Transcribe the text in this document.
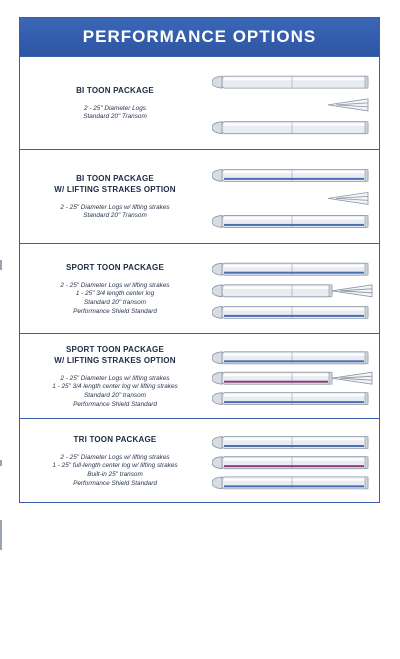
PERFORMANCE OPTIONS
BI TOON PACKAGE
2 - 25" Diameter Logs
Standard 20" Transom
BI TOON PACKAGE
W/ LIFTING STRAKES OPTION
2 - 25" Diameter Logs w/ lifting strakes
Standard 20" Transom
SPORT TOON PACKAGE
2 - 25" Diameter Logs w/ lifting strakes
1 - 25" 3/4 length center log
Standard 20" transom
Performance Shield Standard
SPORT TOON PACKAGE
W/ LIFTING STRAKES OPTION
2 - 25" Diameter Logs w/ lifting strakes
1 - 25" 3/4 length center log w/ lifting strakes
Standard 20" transom
Performance Shield Standard
TRI TOON PACKAGE
2 - 25" Diameter Logs w/ lifting strakes
1 - 25" full-length center log w/ lifting strakes
Built-in 25" transom
Performance Shield Standard
